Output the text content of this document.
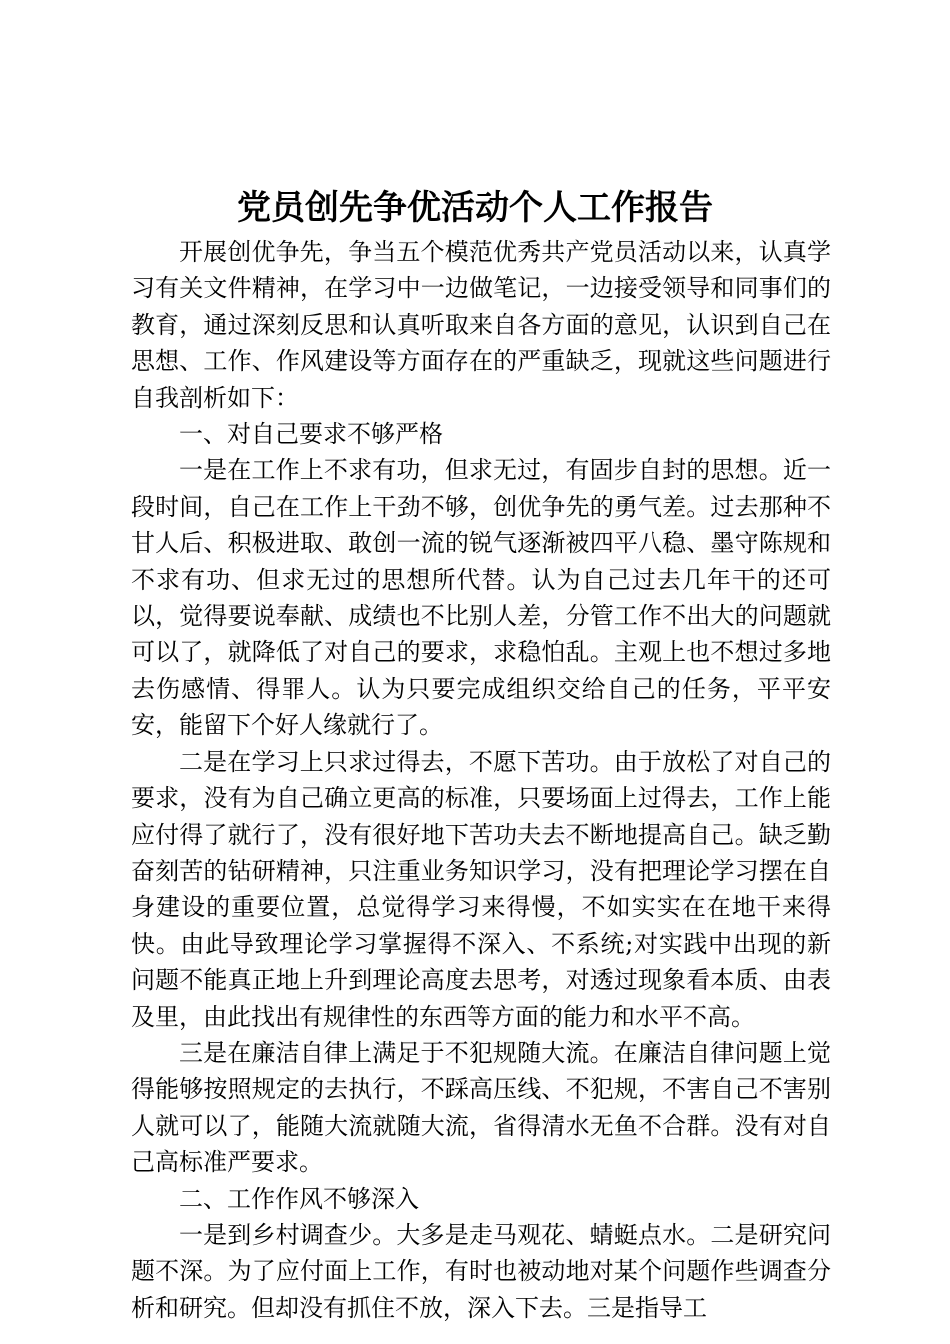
党员创先争优活动个人工作报告

开展创优争先，争当五个模范优秀共产党员活动以来，认真学习有关文件精神，在学习中一边做笔记，一边接受领导和同事们的教育，通过深刻反思和认真听取来自各方面的意见，认识到自己在思想、工作、作风建设等方面存在的严重缺乏，现就这些问题进行自我剖析如下：

一、对自己要求不够严格

一是在工作上不求有功，但求无过，有固步自封的思想。近一段时间，自己在工作上干劲不够，创优争先的勇气差。过去那种不甘人后、积极进取、敢创一流的锐气逐渐被四平八稳、墨守陈规和不求有功、但求无过的思想所代替。认为自己过去几年干的还可以，觉得要说奉献、成绩也不比别人差，分管工作不出大的问题就可以了，就降低了对自己的要求，求稳怕乱。主观上也不想过多地去伤感情、得罪人。认为只要完成组织交给自己的任务，平平安安，能留下个好人缘就行了。

二是在学习上只求过得去，不愿下苦功。由于放松了对自己的要求，没有为自己确立更高的标准，只要场面上过得去，工作上能应付得了就行了，没有很好地下苦功夫去不断地提高自己。缺乏勤奋刻苦的钻研精神，只注重业务知识学习，没有把理论学习摆在自身建设的重要位置，总觉得学习来得慢，不如实实在在地干来得快。由此导致理论学习掌握得不深入、不系统;对实践中出现的新问题不能真正地上升到理论高度去思考，对透过现象看本质、由表及里，由此找出有规律性的东西等方面的能力和水平不高。

三是在廉洁自律上满足于不犯规随大流。在廉洁自律问题上觉得能够按照规定的去执行，不踩高压线、不犯规，不害自己不害别人就可以了，能随大流就随大流，省得清水无鱼不合群。没有对自己高标准严要求。

二、工作作风不够深入

一是到乡村调查少。大多是走马观花、蜻蜓点水。二是研究问题不深。为了应付面上工作，有时也被动地对某个问题作些调查分析和研究。但却没有抓住不放，深入下去。三是指导工
